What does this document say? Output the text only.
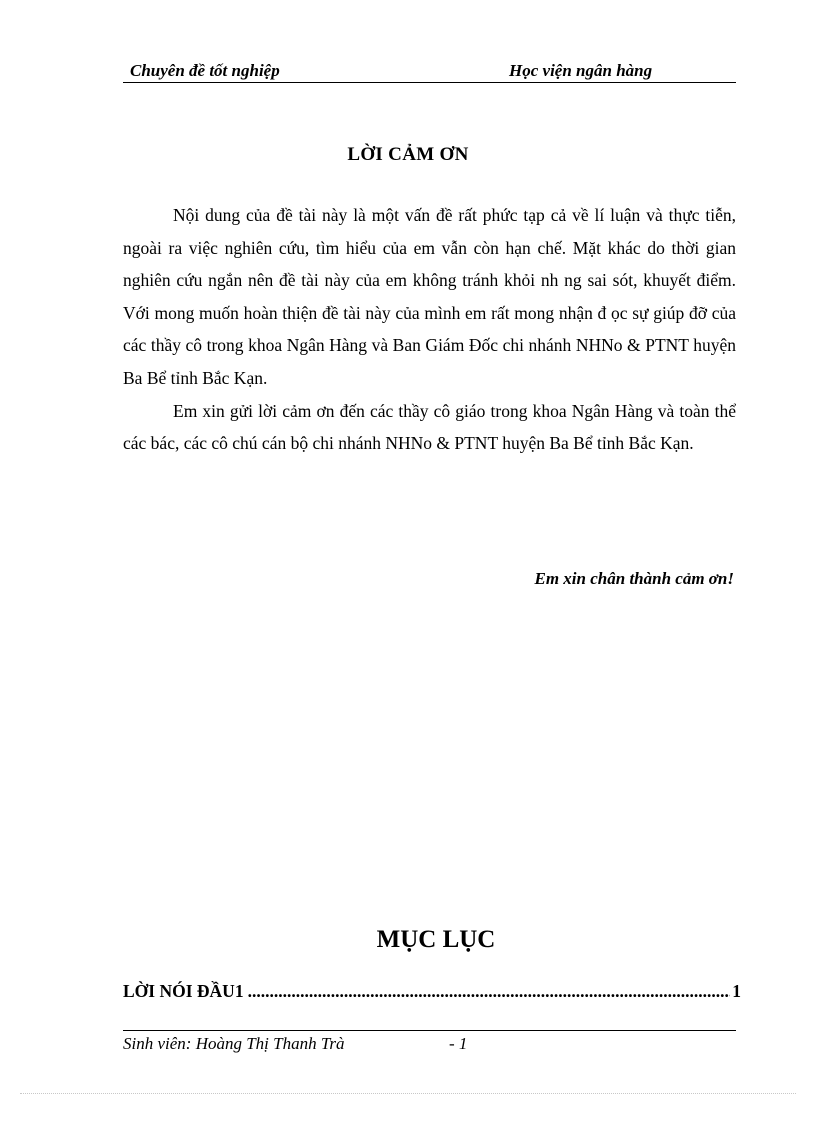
Chuyên đề tốt nghiệp	Học viện ngân hàng
LỜI CẢM ƠN

Nội dung của đề tài này là một vấn đề rất phức tạp cả về lí luận và thực tiễn, ngoài ra việc nghiên cứu, tìm hiểu của em vẫn còn hạn chế. Mặt khác do thời gian nghiên cứu ngắn nên đề tài này của em không tránh khỏi nh ng sai sót, khuyết điểm. Với mong muốn hoàn thiện đề tài này của mình em rất mong nhận đ ọc sự giúp đỡ của các thầy cô trong khoa Ngân Hàng và Ban Giám Đốc chi nhánh NHNo & PTNT huyện Ba Bể tỉnh Bắc Kạn.

Em xin gửi lời cảm ơn đến các thầy cô giáo trong khoa Ngân Hàng và toàn thể các bác, các cô chú cán bộ chi nhánh NHNo & PTNT huyện Ba Bể tỉnh Bắc Kạn.

Em xin chân thành cảm ơn!
MỤC LỤC
LỜI NÓI ĐẦU1
.....	1
Sinh viên: Hoàng Thị Thanh Trà	- 1
